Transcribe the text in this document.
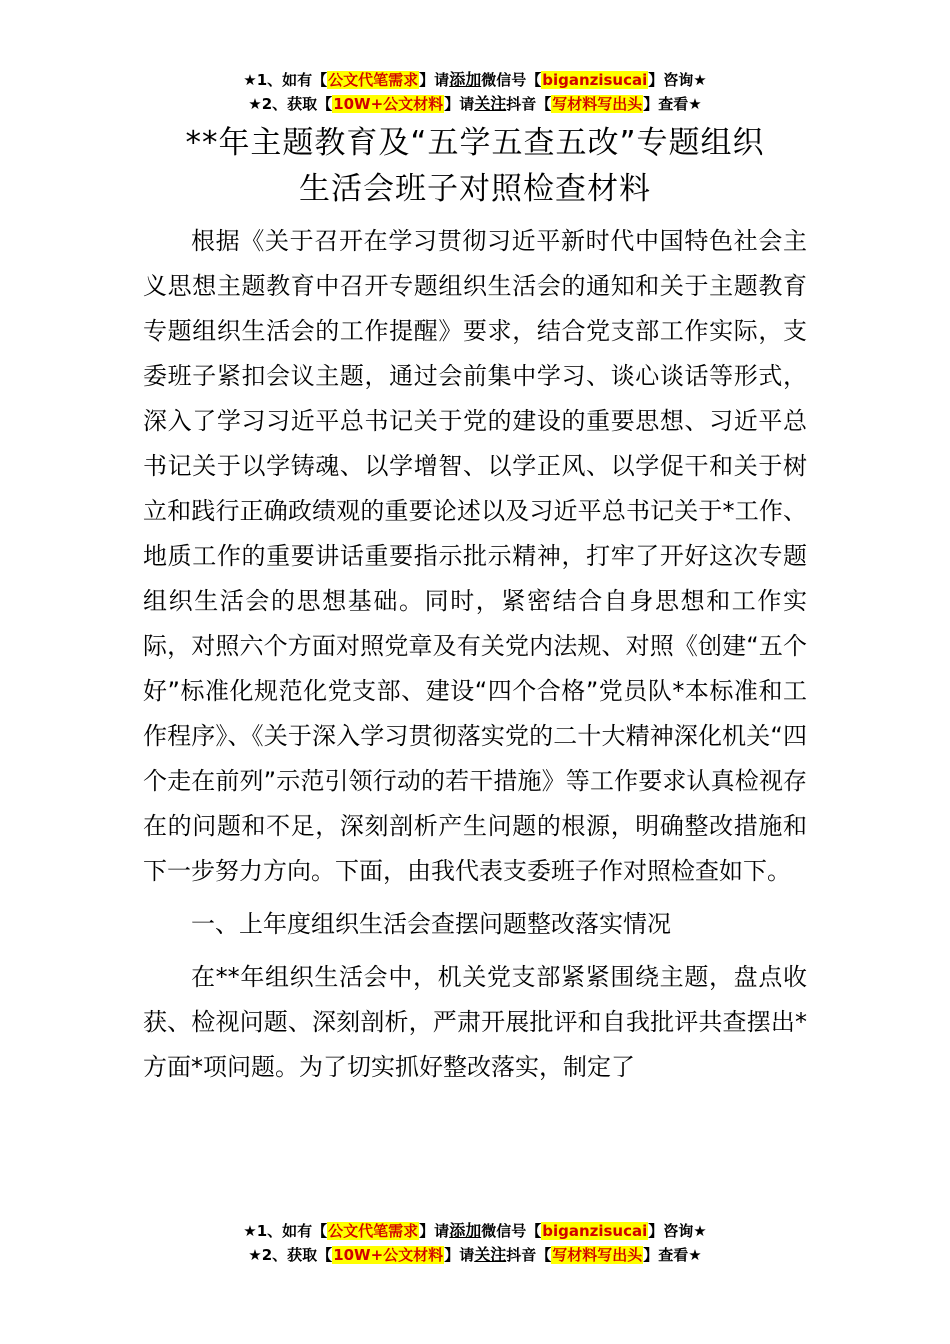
★1、如有【公文代笔需求】请添加微信号【biganzisucai】咨询★
★2、获取【10W+公文材料】请关注抖音【写材料写出头】查看★
**年主题教育及“五学五查五改”专题组织
生活会班子对照检查材料

根据《关于召开在学习贯彻习近平新时代中国特色社会主义思想主题教育中召开专题组织生活会的通知和关于主题教育专题组织生活会的工作提醒》要求，结合党支部工作实际，支委班子紧扣会议主题，通过会前集中学习、谈心谈话等形式，深入了学习习近平总书记关于党的建设的重要思想、习近平总书记关于以学铸魂、以学增智、以学正风、以学促干和关于树立和践行正确政绩观的重要论述以及习近平总书记关于*工作、地质工作的重要讲话重要指示批示精神，打牢了开好这次专题组织生活会的思想基础。同时，紧密结合自身思想和工作实际，对照六个方面对照党章及有关党内法规、对照《创建“五个好”标准化规范化党支部、建设“四个合格”党员队*本标准和工作程序》、《关于深入学习贯彻落实党的二十大精神深化机关“四个走在前列”示范引领行动的若干措施》等工作要求认真检视存在的问题和不足，深刻剖析产生问题的根源，明确整改措施和下一步努力方向。下面，由我代表支委班子作对照检查如下。

一、上年度组织生活会查摆问题整改落实情况

在**年组织生活会中，机关党支部紧紧围绕主题，盘点收获、检视问题、深刻剖析，严肃开展批评和自我批评共查摆出*方面*项问题。为了切实抓好整改落实，制定了

★1、如有【公文代笔需求】请添加微信号【biganzisucai】咨询★
★2、获取【10W+公文材料】请关注抖音【写材料写出头】查看★
